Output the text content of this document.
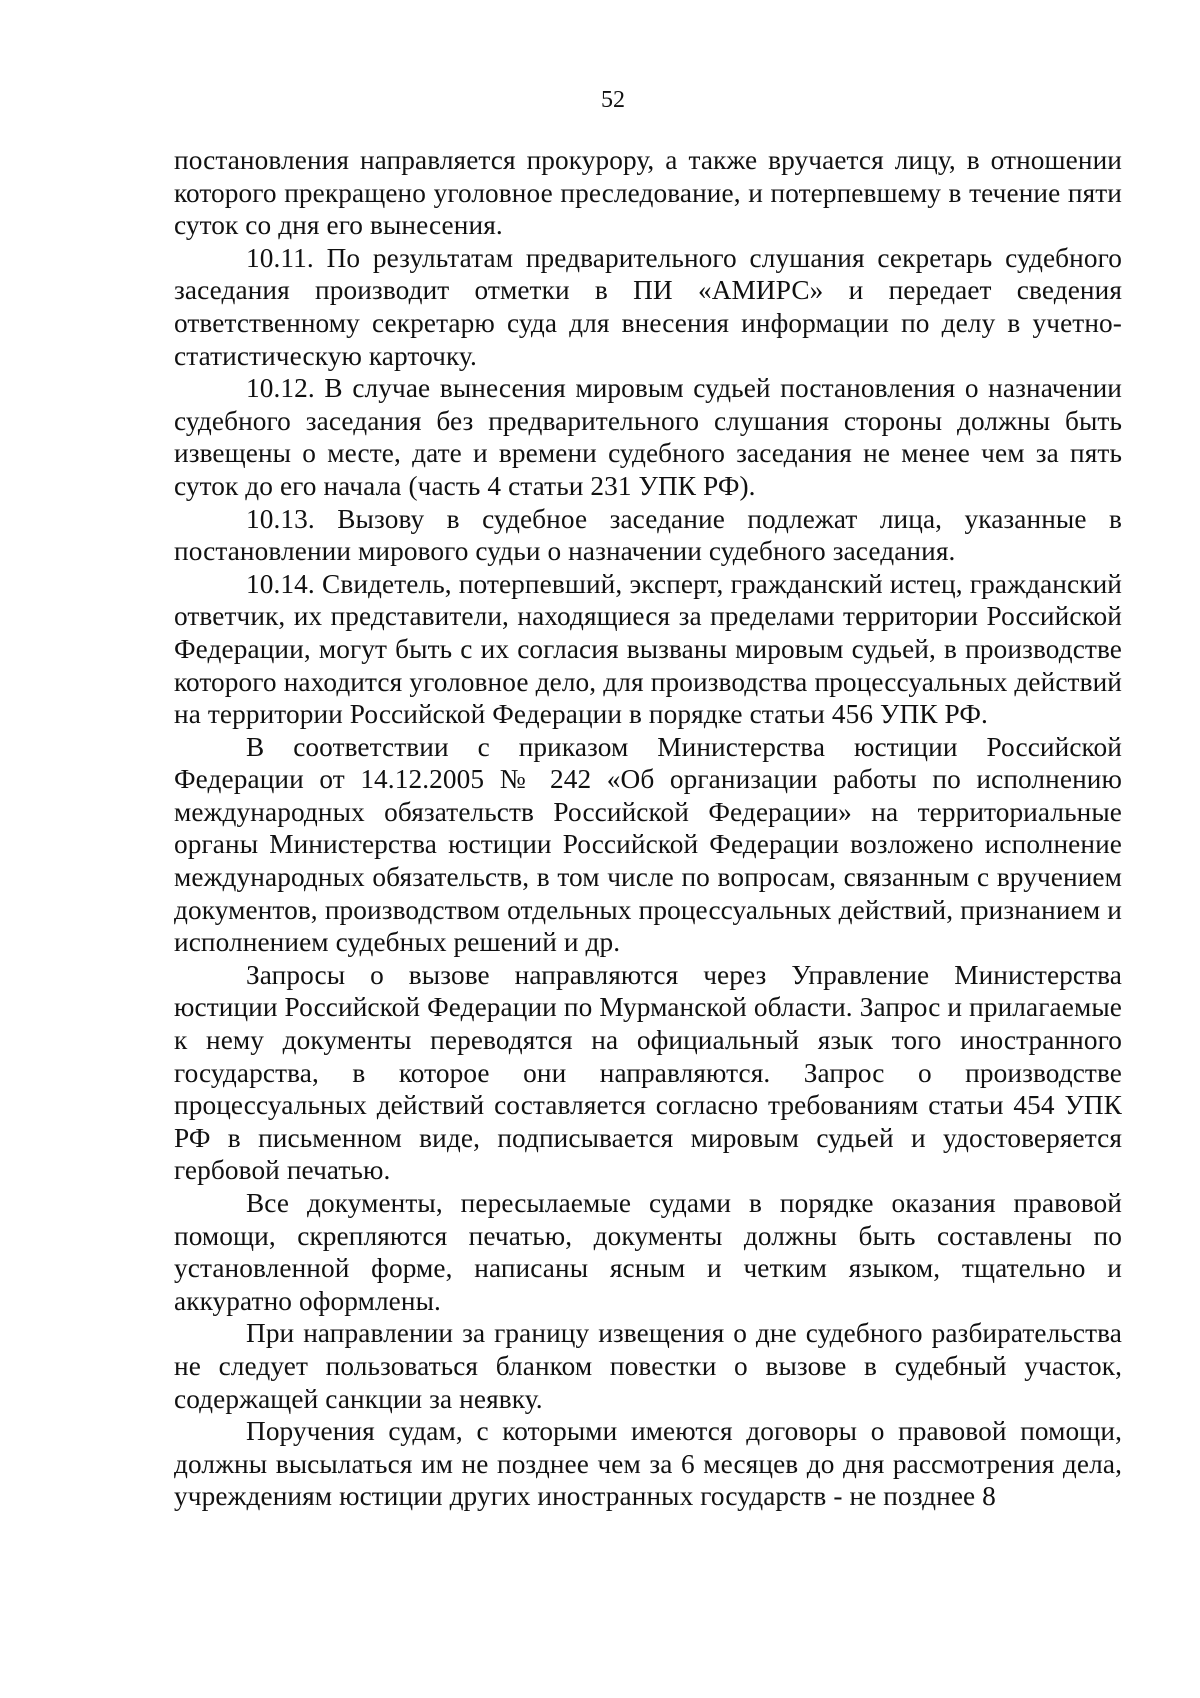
52

постановления направляется прокурору, а также вручается лицу, в отношении которого прекращено уголовное преследование, и потерпевшему в течение пяти суток со дня его вынесения.

10.11. По результатам предварительного слушания секретарь судебного заседания производит отметки в ПИ «АМИРС» и передает сведения ответственному секретарю суда для внесения информации по делу в учетно-статистическую карточку.

10.12. В случае вынесения мировым судьей постановления о назначении судебного заседания без предварительного слушания стороны должны быть извещены о месте, дате и времени судебного заседания не менее чем за пять суток до его начала (часть 4 статьи 231 УПК РФ).

10.13. Вызову в судебное заседание подлежат лица, указанные в постановлении мирового судьи о назначении судебного заседания.

10.14. Свидетель, потерпевший, эксперт, гражданский истец, гражданский ответчик, их представители, находящиеся за пределами территории Российской Федерации, могут быть с их согласия вызваны мировым судьей, в производстве которого находится уголовное дело, для производства процессуальных действий на территории Российской Федерации в порядке статьи 456 УПК РФ.

В соответствии с приказом Министерства юстиции Российской Федерации от 14.12.2005 № 242 «Об организации работы по исполнению международных обязательств Российской Федерации» на территориальные органы Министерства юстиции Российской Федерации возложено исполнение международных обязательств, в том числе по вопросам, связанным с вручением документов, производством отдельных процессуальных действий, признанием и исполнением судебных решений и др.

Запросы о вызове направляются через Управление Министерства юстиции Российской Федерации по Мурманской области. Запрос и прилагаемые к нему документы переводятся на официальный язык того иностранного государства, в которое они направляются. Запрос о производстве процессуальных действий составляется согласно требованиям статьи 454 УПК РФ в письменном виде, подписывается мировым судьей и удостоверяется гербовой печатью.

Все документы, пересылаемые судами в порядке оказания правовой помощи, скрепляются печатью, документы должны быть составлены по установленной форме, написаны ясным и четким языком, тщательно и аккуратно оформлены.

При направлении за границу извещения о дне судебного разбирательства не следует пользоваться бланком повестки о вызове в судебный участок, содержащей санкции за неявку.

Поручения судам, с которыми имеются договоры о правовой помощи, должны высылаться им не позднее чем за 6 месяцев до дня рассмотрения дела, учреждениям юстиции других иностранных государств - не позднее 8
